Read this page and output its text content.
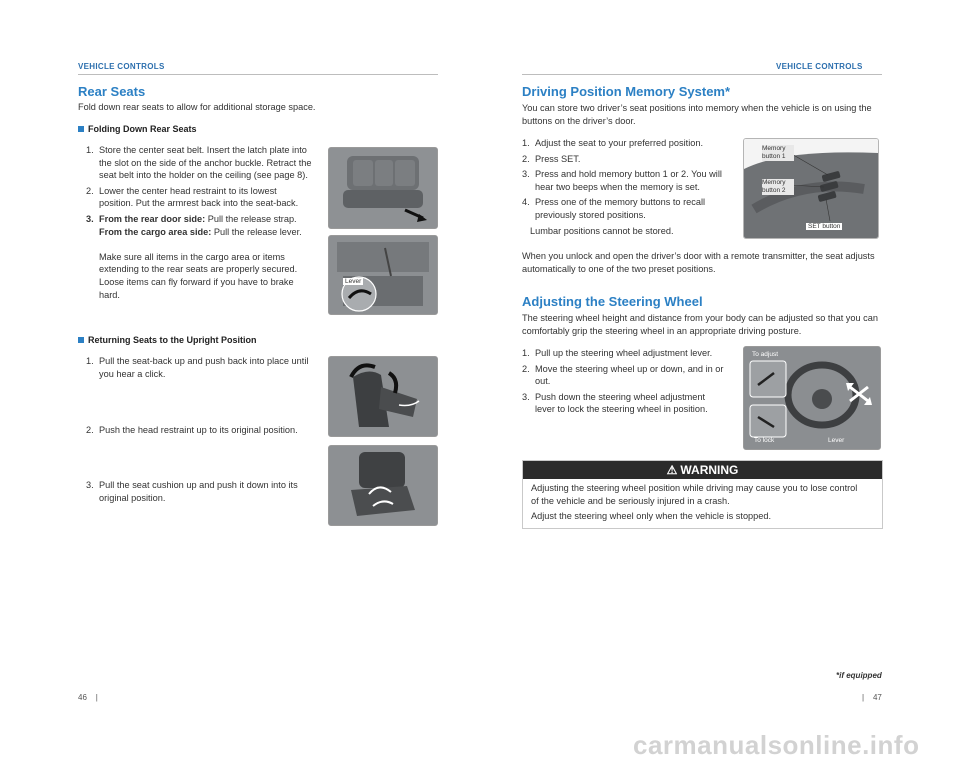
VEHICLE CONTROLS
Rear Seats
Fold down rear seats to allow for additional storage space.
Folding Down Rear Seats
1. Store the center seat belt. Insert the latch plate into the slot on the side of the anchor buckle. Retract the seat belt into the holder on the ceiling (see page 8).
2. Lower the center head restraint to its lowest position. Put the armrest back into the seat-back.
3. From the rear door side: Pull the release strap.
From the cargo area side: Pull the release lever.

Make sure all items in the cargo area or items extending to the rear seats are properly secured. Loose items can fly forward if you have to brake hard.
Lever
Returning Seats to the Upright Position
1. Pull the seat-back up and push back into place until you hear a click.
2. Push the head restraint up to its original position.
3. Pull the seat cushion up and push it down into its original position.
46    |
VEHICLE CONTROLS
Driving Position Memory System*
You can store two driver’s seat positions into memory when the vehicle is on using the buttons on the driver’s door.
1. Adjust the seat to your preferred position.
2. Press SET.
3. Press and hold memory button 1 or 2. You will hear two beeps when the memory is set.
4. Press one of the memory buttons to recall previously stored positions.
Lumbar positions cannot be stored.
Memory button 1
Memory button 2
SET button
When you unlock and open the driver’s door with a remote transmitter, the seat adjusts automatically to one of the two preset positions.
Adjusting the Steering Wheel
The steering wheel height and distance from your body can be adjusted so that you can comfortably grip the steering wheel in an appropriate driving posture.
1. Pull up the steering wheel adjustment lever.
2. Move the steering wheel up or down, and in or out.
3. Push down the steering wheel adjustment lever to lock the steering wheel in position.
To adjust
To lock	Lever
⚠ WARNING
Adjusting the steering wheel position while driving may cause you to lose control of the vehicle and be seriously injured in a crash.
Adjust the steering wheel only when the vehicle is stopped.
*if equipped
|    47
carmanualsonline.info
